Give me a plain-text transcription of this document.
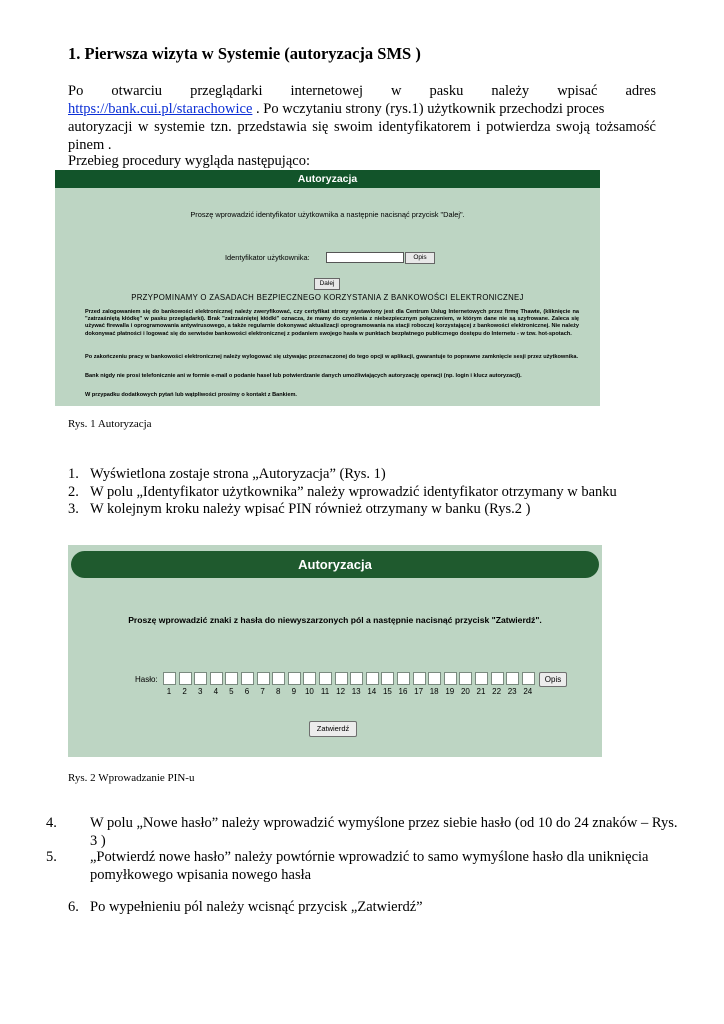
1. Pierwsza wizyta w Systemie (autoryzacja SMS )
Po otwarciu przeglądarki internetowej w pasku należy wpisać adres
https://bank.cui.pl/starachowice . Po wczytaniu strony (rys.1) użytkownik przechodzi proces
autoryzacji w systemie tzn. przedstawia się swoim identyfikatorem i potwierdza swoją tożsamość
pinem .
Przebieg procedury wygląda następująco:
Autoryzacja
Proszę wprowadzić identyfikator użytkownika a następnie nacisnąć przycisk "Dalej".
Identyfikator użytkownika:	Opis
Dalej
PRZYPOMINAMY O ZASADACH BEZPIECZNEGO KORZYSTANIA Z BANKOWOŚCI ELEKTRONICZNEJ
Przed zalogowaniem się do bankowości elektronicznej należy zweryfikować, czy certyfikat strony wystawiony jest dla Centrum Usług Internetowych przez firmę Thawte, (kliknięcie na "zatrzaśniętą kłódkę" w pasku przeglądarki). Brak "zatrzaśniętej kłódki" oznacza, że mamy do czynienia z niebezpiecznym połączeniem, w którym dane nie są szyfrowane. Zaleca się używać firewalla i oprogramowania antywirusowego, a także regularnie dokonywać aktualizacji oprogramowania na stacji roboczej korzystającej z bankowości elektronicznej. Nie należy dokonywać płatności i logować się do serwisów bankowości elektronicznej z podaniem swojego hasła w punktach bezpłatnego publicznego dostępu do Internetu - w tzw. hot-spotach.
Po zakończeniu pracy w bankowości elektronicznej należy wylogować się używając przeznaczonej do tego opcji w aplikacji, gwarantuje to poprawne zamknięcie sesji przez użytkownika.
Bank nigdy nie prosi telefonicznie ani w formie e-mail o podanie haseł lub potwierdzanie danych umożliwiających autoryzację operacji (np. login i klucz autoryzacji).
W przypadku dodatkowych pytań lub wątpliwości prosimy o kontakt z Bankiem.
Rys. 1 Autoryzacja
1. Wyświetlona zostaje strona „Autoryzacja” (Rys. 1)
2. W polu „Identyfikator użytkownika” należy wprowadzić identyfikator otrzymany w banku
3. W kolejnym kroku należy wpisać PIN również otrzymany w banku (Rys.2 )
Autoryzacja
Proszę wprowadzić znaki z hasła do niewyszarzonych pól a następnie nacisnąć przycisk "Zatwierdź".
Hasło:
1	2	3	4	5	6	7	8	9	10 11 12 13 14 15 16 17 18 19 20 21 22 23 24
Opis
Zatwierdź
Rys. 2 Wprowadzanie PIN-u
4. W polu „Nowe hasło” należy wprowadzić wymyślone przez siebie hasło (od 10 do 24 znaków – Rys. 3 )
5. „Potwierdź nowe hasło” należy powtórnie wprowadzić to samo wymyślone hasło dla uniknięcia pomyłkowego wpisania nowego hasła
6. Po wypełnieniu pól należy wcisnąć przycisk „Zatwierdź”
